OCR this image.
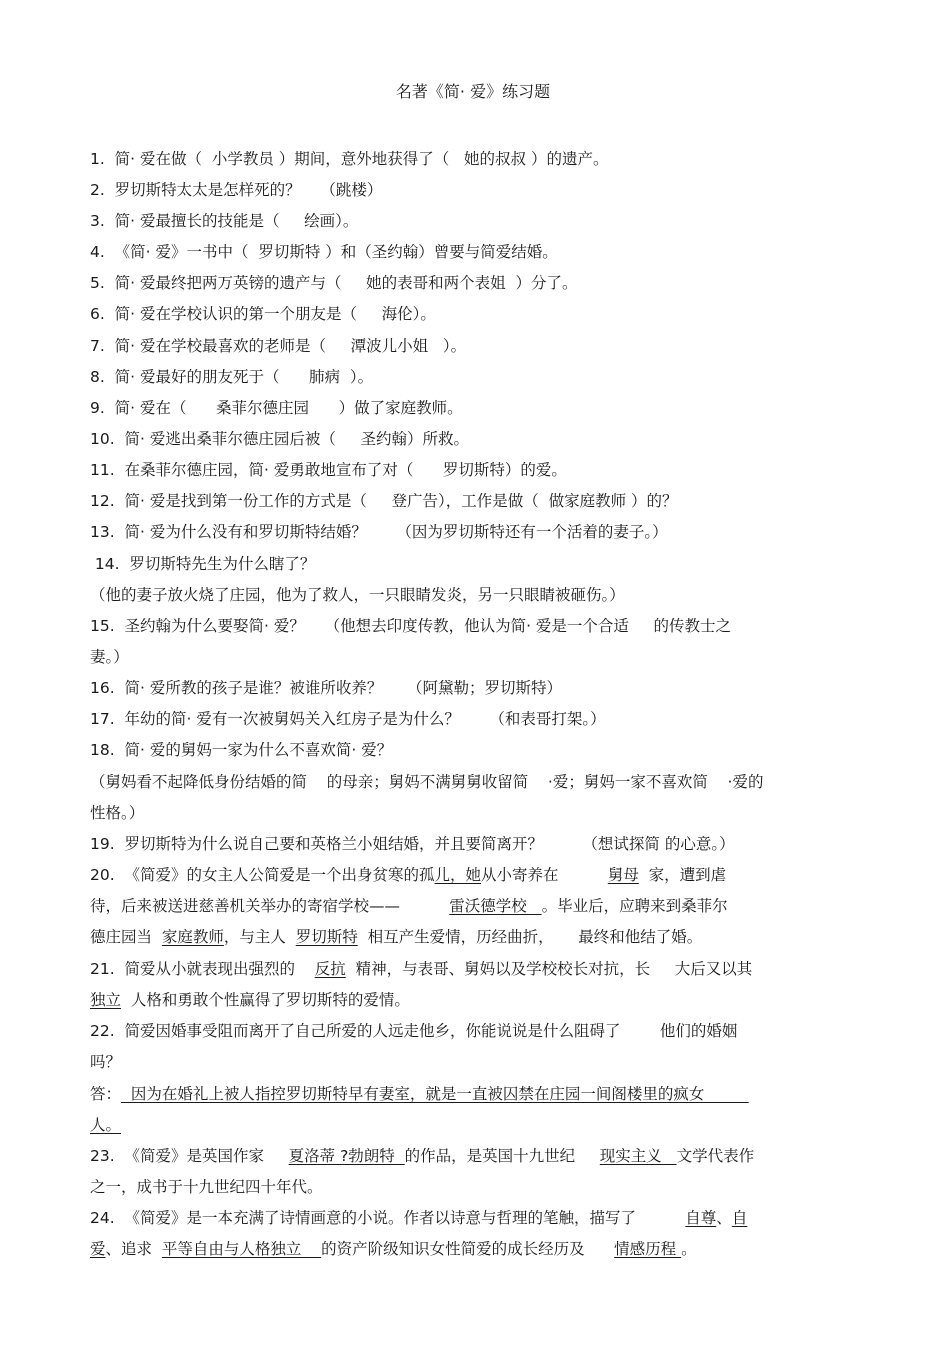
名著《简· 爱》练习题
1.  简· 爱在做（  小学教员 ）期间，意外地获得了（   她的叔叔 ）的遗产。
2.  罗切斯特太太是怎样死的？    （跳楼）
3.  简· 爱最擅长的技能是（     绘画）。
4.  《简· 爱》一书中（  罗切斯特 ）和（圣约翰）曾要与简爱结婚。
5.  简· 爱最终把两万英镑的遗产与（     她的表哥和两个表姐  ）分了。
6.  简· 爱在学校认识的第一个朋友是（     海伦）。
7.  简· 爱在学校最喜欢的老师是（     潭波儿小姐   ）。
8.  简· 爱最好的朋友死于（      肺病  ）。
9.  简· 爱在（      桑菲尔德庄园      ）做了家庭教师。
10.  简· 爱逃出桑菲尔德庄园后被（     圣约翰）所救。
11.  在桑菲尔德庄园，简· 爱勇敢地宣布了对（      罗切斯特）的爱。
12.  简· 爱是找到第一份工作的方式是（     登广告），工作是做（  做家庭教师 ）的？
13.  简· 爱为什么没有和罗切斯特结婚？      （因为罗切斯特还有一个活着的妻子。）
14.  罗切斯特先生为什么瞎了？
（他的妻子放火烧了庄园，他为了救人，一只眼睛发炎，另一只眼睛被砸伤。）
15.  圣约翰为什么要娶简· 爱？    （他想去印度传教，他认为简· 爱是一个合适     的传教士之
妻。）
16.  简· 爱所教的孩子是谁？被谁所收养？     （阿黛勒；罗切斯特）
17.  年幼的简· 爱有一次被舅妈关入红房子是为什么？      （和表哥打架。）
18.  简· 爱的舅妈一家为什么不喜欢简· 爱？
（舅妈看不起降低身份结婚的简    的母亲；舅妈不满舅舅收留简    ·爱；舅妈一家不喜欢简    ·爱的
性格。）
19.  罗切斯特为什么说自己要和英格兰小姐结婚，并且要简离开？        （想试探简 的心意。）
20.  《简爱》的女主人公简爱是一个出身贫寒的孤儿，她从小寄养在          舅母  家，遭到虐
待，后来被送进慈善机关举办的寄宿学校——          雷沃德学校   。毕业后，应聘来到桑菲尔
德庄园当  家庭教师，与主人  罗切斯特  相互产生爱情，历经曲折，     最终和他结了婚。
21.  简爱从小就表现出强烈的    反抗  精神，与表哥、舅妈以及学校校长对抗，长     大后又以其
独立  人格和勇敢个性赢得了罗切斯特的爱情。
22.  简爱因婚事受阻而离开了自己所爱的人远走他乡，你能说说是什么阻碍了        他们的婚姻
吗？
答：  因为在婚礼上被人指控罗切斯特早有妻室，就是一直被囚禁在庄园一间阁楼里的疯女
人。
23.  《简爱》是英国作家     夏洛蒂 ?勃朗特  的作品，是英国十九世纪     现实主义   文学代表作
之一，成书于十九世纪四十年代。
24.  《简爱》是一本充满了诗情画意的小说。作者以诗意与哲理的笔触，描写了          自尊、自
爱、追求  平等自由与人格独立    的资产阶级知识女性简爱的成长经历及      情感历程 。
